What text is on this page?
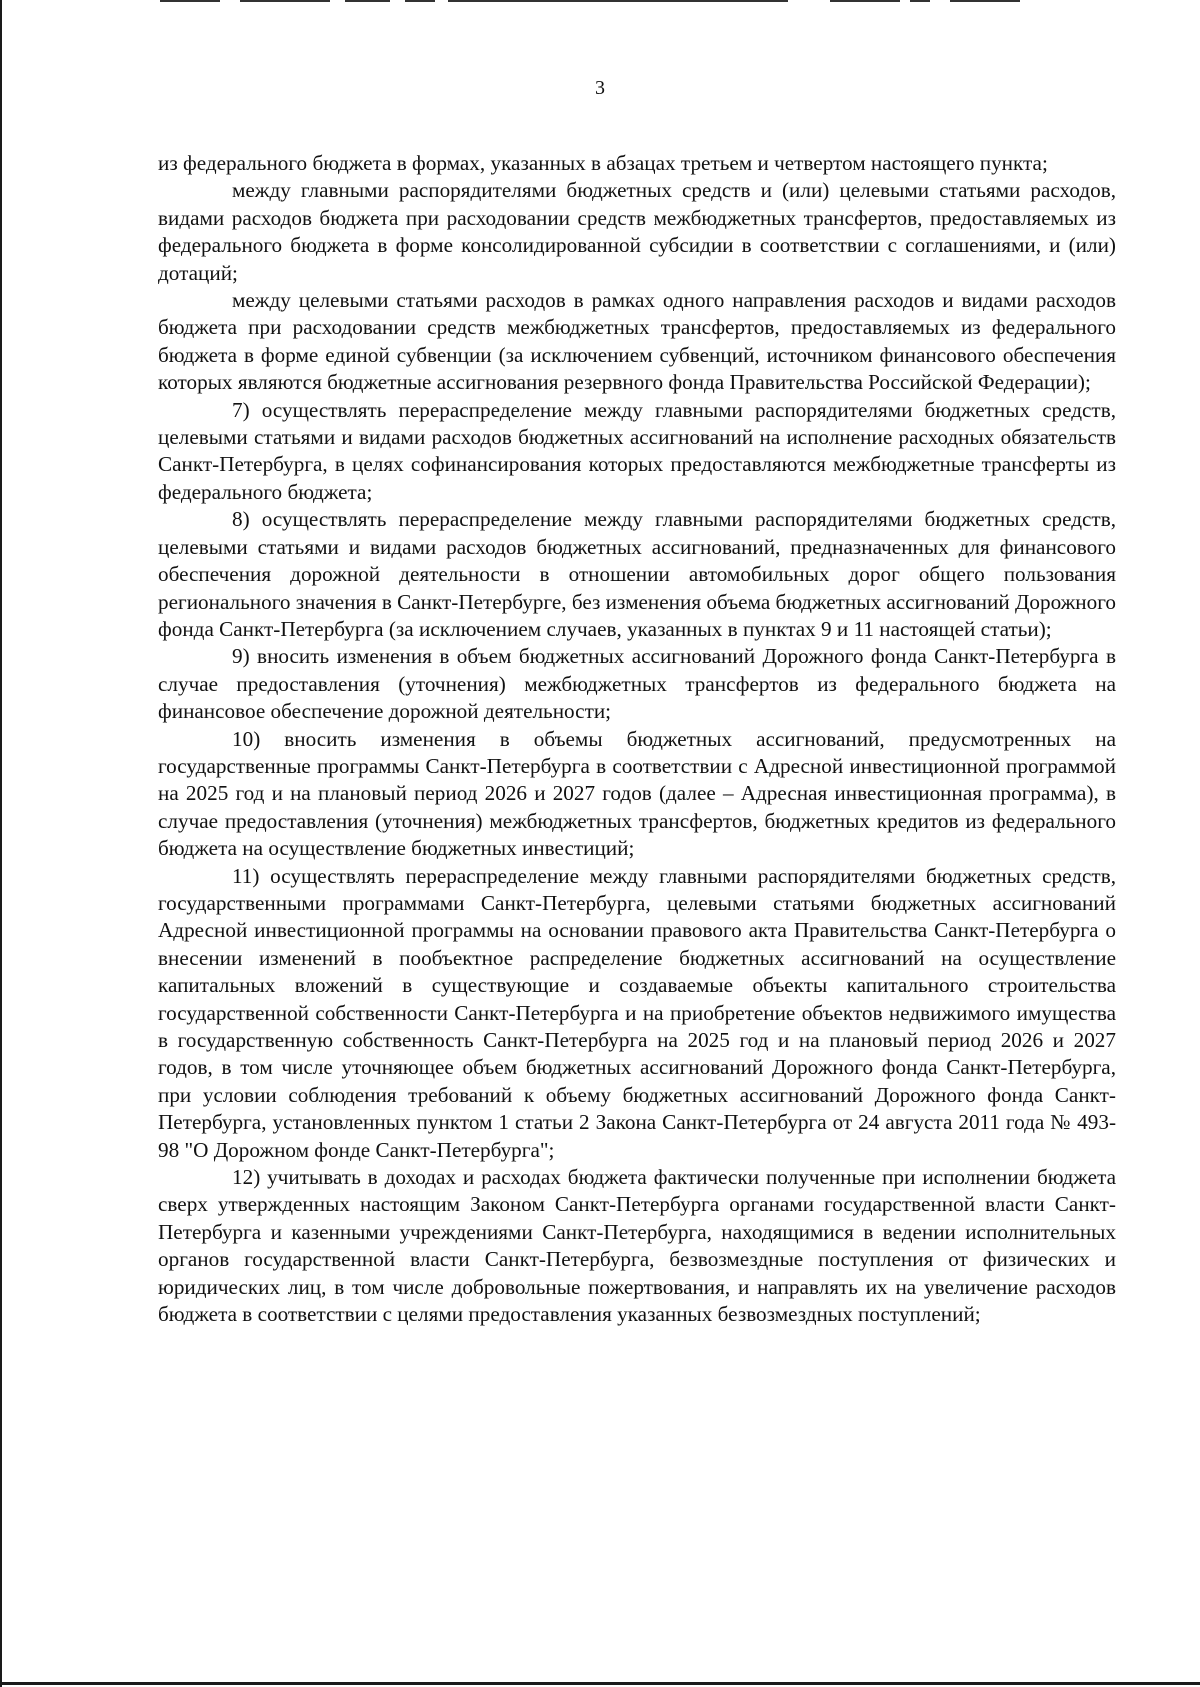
3

из федерального бюджета в формах, указанных в абзацах третьем и четвертом настоящего пункта;

между главными распорядителями бюджетных средств и (или) целевыми статьями расходов, видами расходов бюджета при расходовании средств межбюджетных трансфертов, предоставляемых из федерального бюджета в форме консолидированной субсидии в соответствии с соглашениями, и (или) дотаций;

между целевыми статьями расходов в рамках одного направления расходов и видами расходов бюджета при расходовании средств межбюджетных трансфертов, предоставляемых из федерального бюджета в форме единой субвенции (за исключением субвенций, источником финансового обеспечения которых являются бюджетные ассигнования резервного фонда Правительства Российской Федерации);

7) осуществлять перераспределение между главными распорядителями бюджетных средств, целевыми статьями и видами расходов бюджетных ассигнований на исполнение расходных обязательств Санкт-Петербурга, в целях софинансирования которых предоставляются межбюджетные трансферты из федерального бюджета;

8) осуществлять перераспределение между главными распорядителями бюджетных средств, целевыми статьями и видами расходов бюджетных ассигнований, предназначенных для финансового обеспечения дорожной деятельности в отношении автомобильных дорог общего пользования регионального значения в Санкт-Петербурге, без изменения объема бюджетных ассигнований Дорожного фонда Санкт-Петербурга (за исключением случаев, указанных в пунктах 9 и 11 настоящей статьи);

9) вносить изменения в объем бюджетных ассигнований Дорожного фонда Санкт-Петербурга в случае предоставления (уточнения) межбюджетных трансфертов из федерального бюджета на финансовое обеспечение дорожной деятельности;

10) вносить изменения в объемы бюджетных ассигнований, предусмотренных на государственные программы Санкт-Петербурга в соответствии с Адресной инвестиционной программой на 2025 год и на плановый период 2026 и 2027 годов (далее – Адресная инвестиционная программа), в случае предоставления (уточнения) межбюджетных трансфертов, бюджетных кредитов из федерального бюджета на осуществление бюджетных инвестиций;

11) осуществлять перераспределение между главными распорядителями бюджетных средств, государственными программами Санкт-Петербурга, целевыми статьями бюджетных ассигнований Адресной инвестиционной программы на основании правового акта Правительства Санкт-Петербурга о внесении изменений в пообъектное распределение бюджетных ассигнований на осуществление капитальных вложений в существующие и создаваемые объекты капитального строительства государственной собственности Санкт-Петербурга и на приобретение объектов недвижимого имущества в государственную собственность Санкт-Петербурга на 2025 год и на плановый период 2026 и 2027 годов, в том числе уточняющее объем бюджетных ассигнований Дорожного фонда Санкт-Петербурга, при условии соблюдения требований к объему бюджетных ассигнований Дорожного фонда Санкт-Петербурга, установленных пунктом 1 статьи 2 Закона Санкт-Петербурга от 24 августа 2011 года № 493-98 "О Дорожном фонде Санкт-Петербурга";

12) учитывать в доходах и расходах бюджета фактически полученные при исполнении бюджета сверх утвержденных настоящим Законом Санкт-Петербурга органами государственной власти Санкт-Петербурга и казенными учреждениями Санкт-Петербурга, находящимися в ведении исполнительных органов государственной власти Санкт-Петербурга, безвозмездные поступления от физических и юридических лиц, в том числе добровольные пожертвования, и направлять их на увеличение расходов бюджета в соответствии с целями предоставления указанных безвозмездных поступлений;
